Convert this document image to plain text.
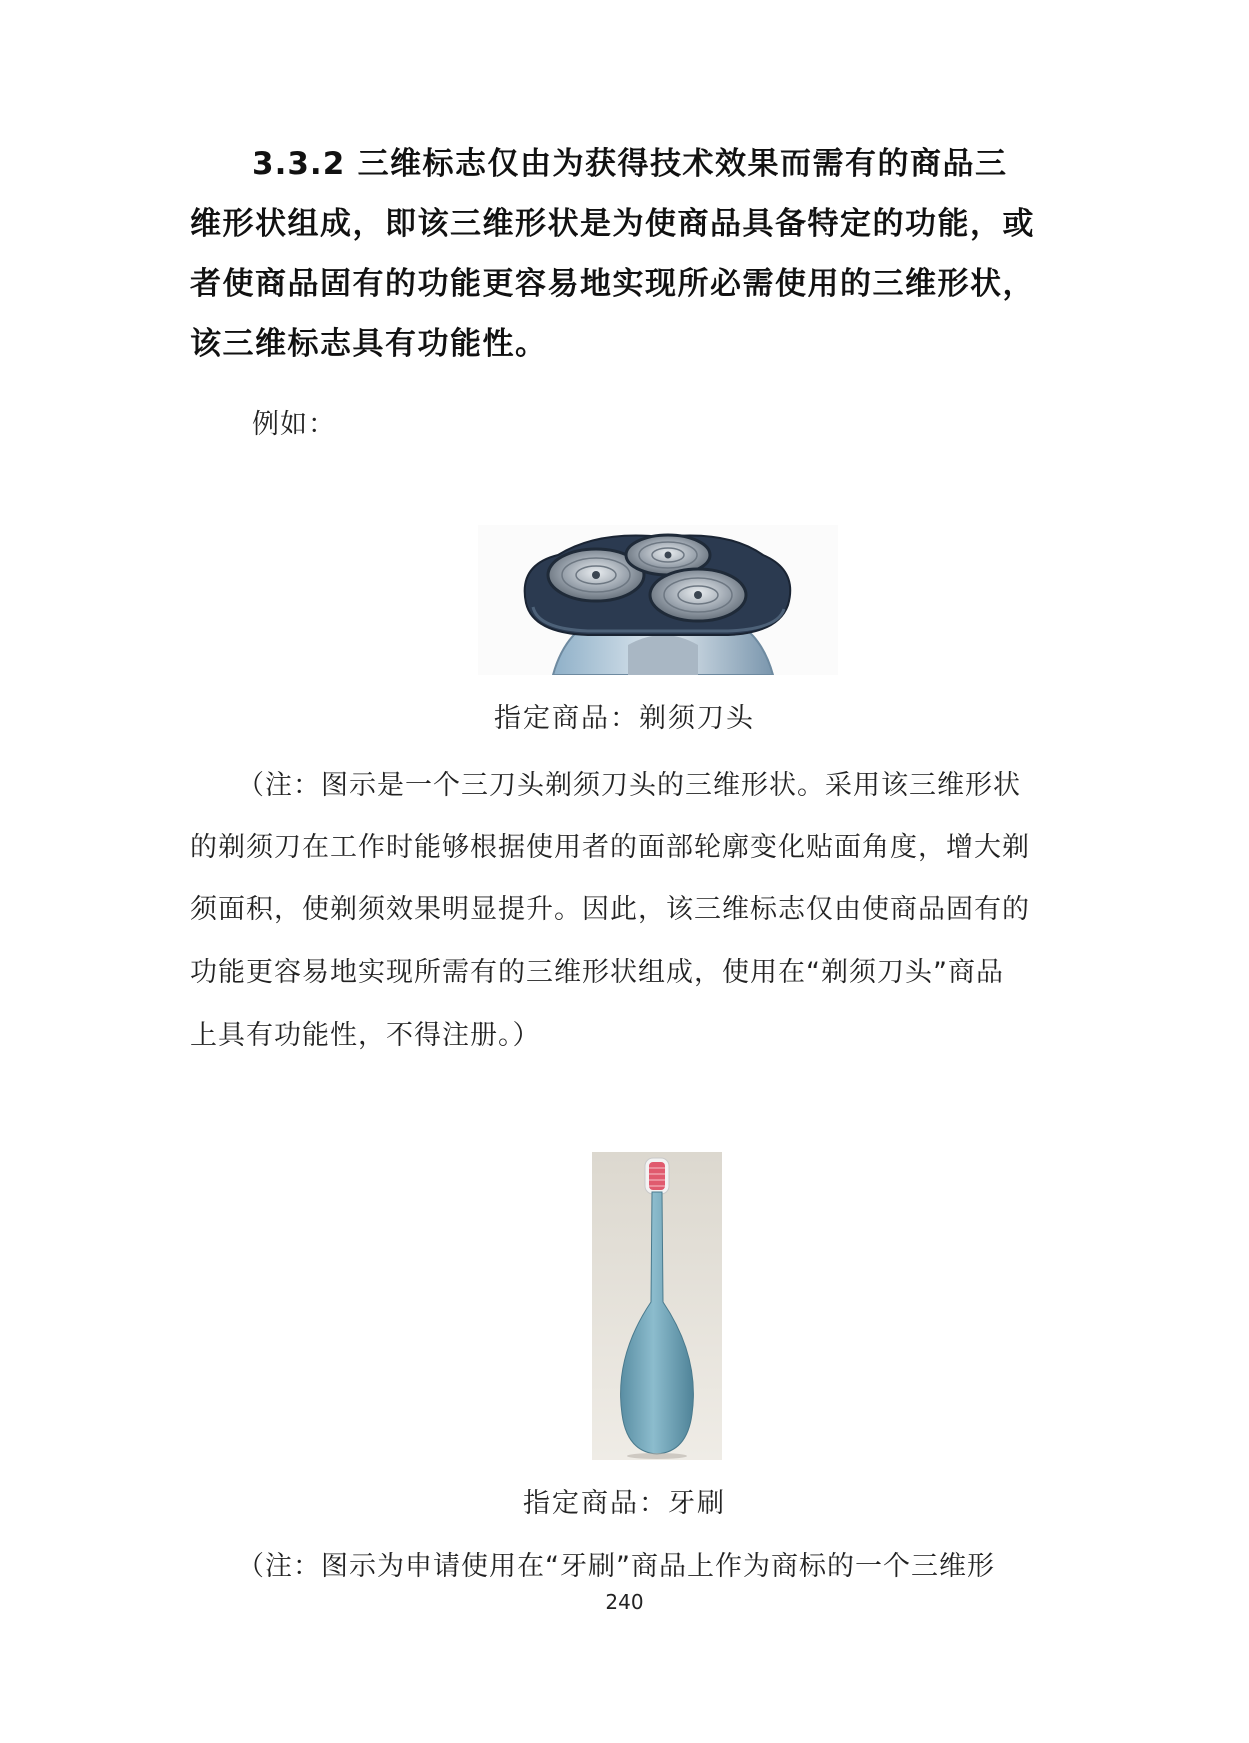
3.3.2 三维标志仅由为获得技术效果而需有的商品三
维形状组成，即该三维形状是为使商品具备特定的功能，或
者使商品固有的功能更容易地实现所必需使用的三维形状，
该三维标志具有功能性。
例如：
指定商品：剃须刀头
（注：图示是一个三刀头剃须刀头的三维形状。采用该三维形状
的剃须刀在工作时能够根据使用者的面部轮廓变化贴面角度，增大剃
须面积，使剃须效果明显提升。因此，该三维标志仅由使商品固有的
功能更容易地实现所需有的三维形状组成，使用在“剃须刀头”商品
上具有功能性，不得注册。）
指定商品：牙刷
（注：图示为申请使用在“牙刷”商品上作为商标的一个三维形
240
